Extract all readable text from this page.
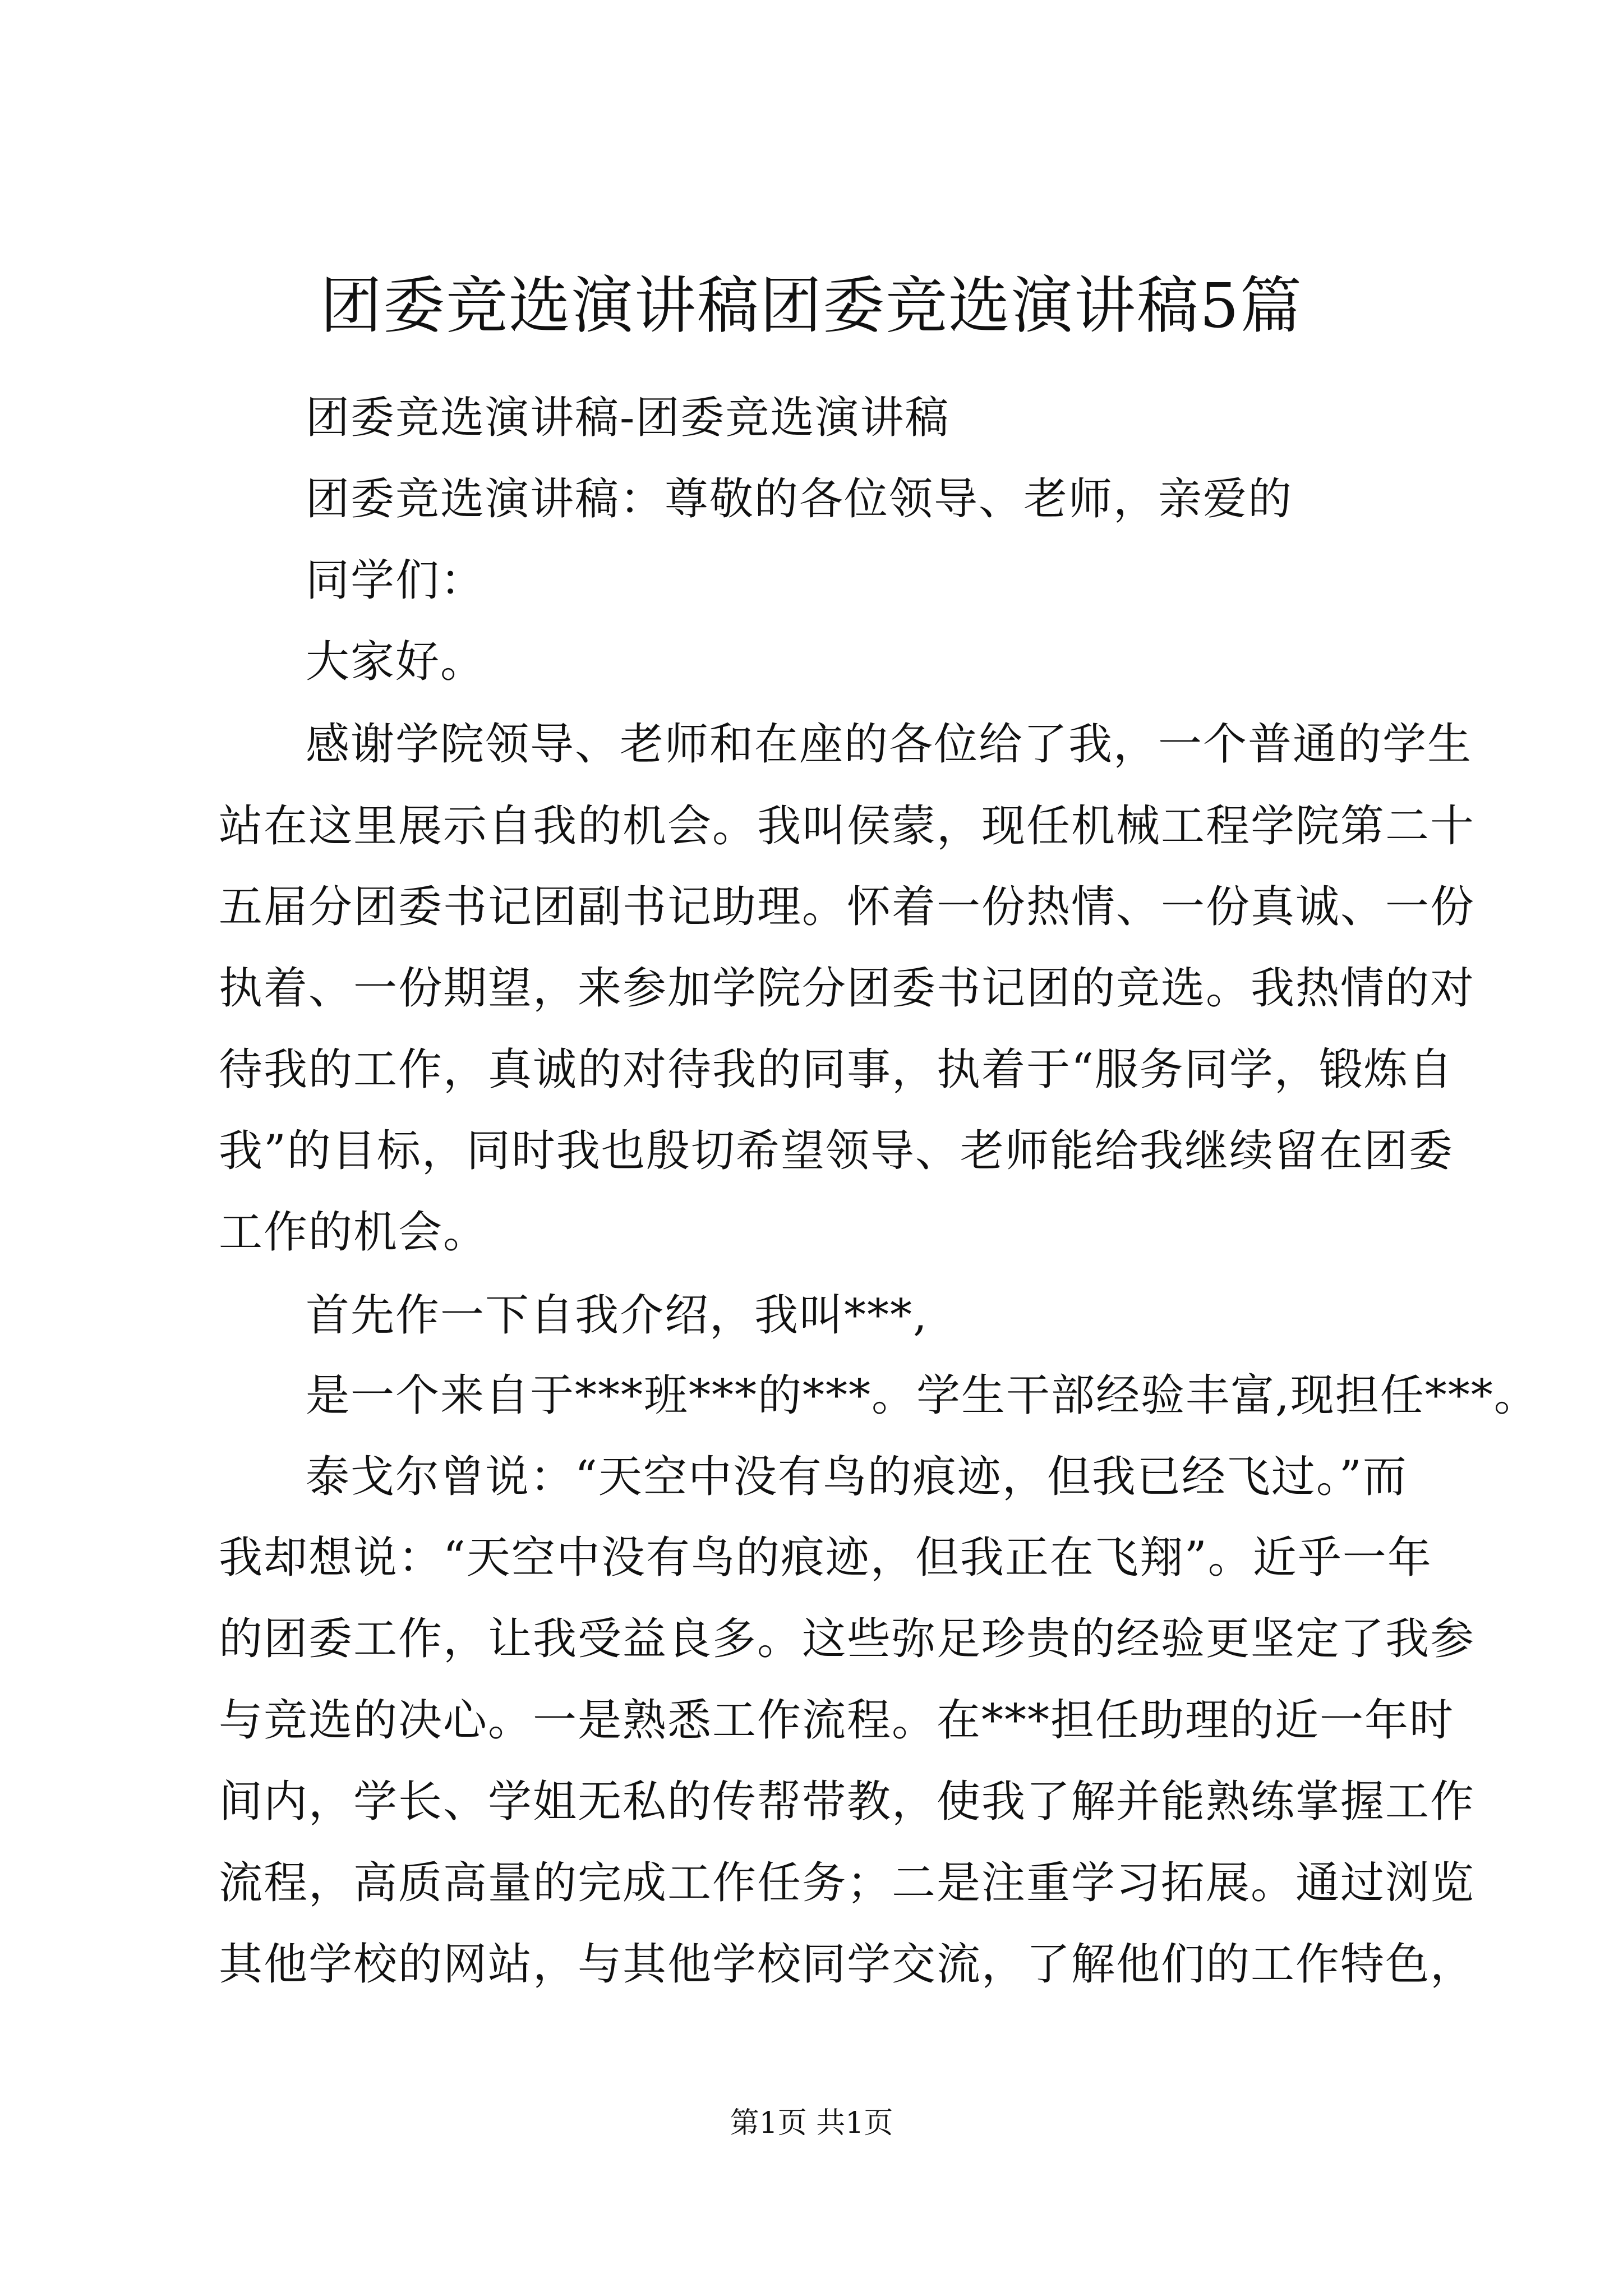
团委竞选演讲稿团委竞选演讲稿5篇
团委竞选演讲稿-团委竞选演讲稿
团委竞选演讲稿：尊敬的各位领导、老师，亲爱的
同学们：
大家好。
感谢学院领导、老师和在座的各位给了我，一个普通的学生
站在这里展示自我的机会。我叫侯蒙，现任机械工程学院第二十
五届分团委书记团副书记助理。怀着一份热情、一份真诚、一份
执着、一份期望，来参加学院分团委书记团的竞选。我热情的对
待我的工作，真诚的对待我的同事，执着于“服务同学，锻炼自
我”的目标，同时我也殷切希望领导、老师能给我继续留在团委
工作的机会。
首先作一下自我介绍，我叫***,
是一个来自于***班***的***。学生干部经验丰富,现担任***。
泰戈尔曾说：“天空中没有鸟的痕迹，但我已经飞过。”而
我却想说：“天空中没有鸟的痕迹，但我正在飞翔”。近乎一年
的团委工作，让我受益良多。这些弥足珍贵的经验更坚定了我参
与竞选的决心。一是熟悉工作流程。在***担任助理的近一年时
间内，学长、学姐无私的传帮带教，使我了解并能熟练掌握工作
流程，高质高量的完成工作任务；二是注重学习拓展。通过浏览
其他学校的网站，与其他学校同学交流，了解他们的工作特色，
第1页 共1页
